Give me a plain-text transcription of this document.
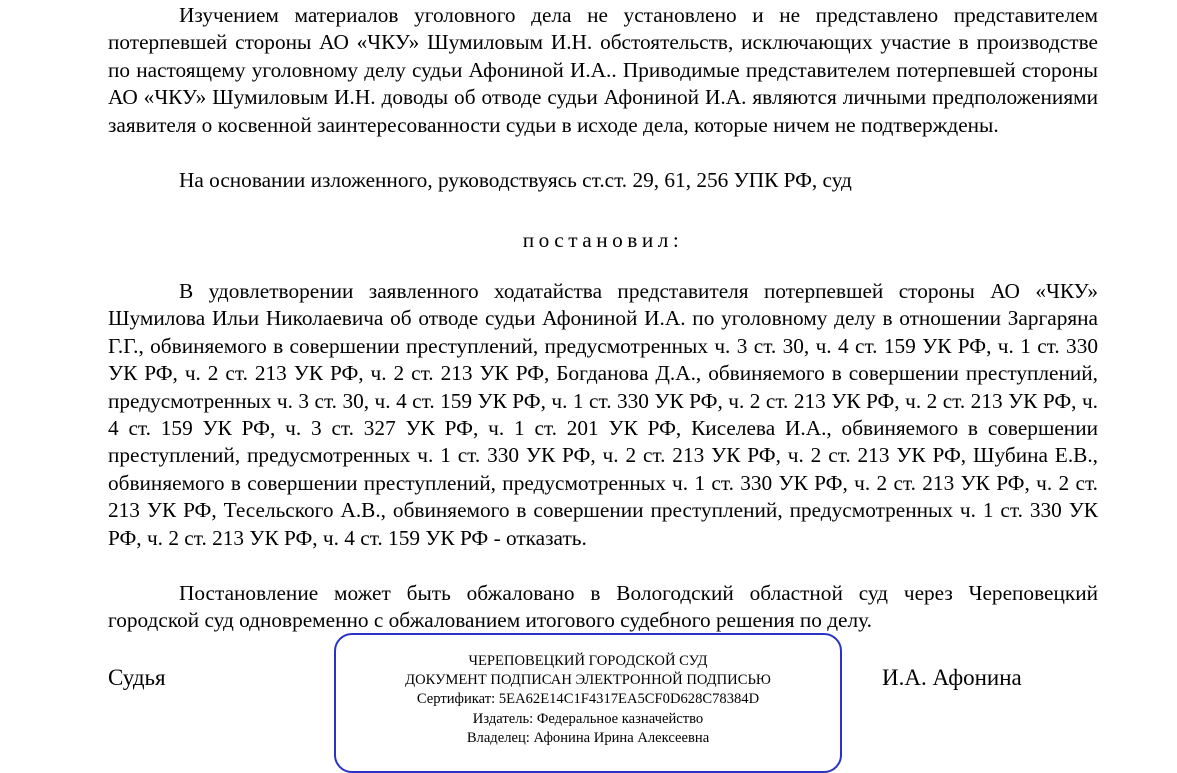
Изучением материалов уголовного дела не установлено и не представлено представителем потерпевшей стороны АО «ЧКУ» Шумиловым И.Н. обстоятельств, исключающих участие в производстве по настоящему уголовному делу судьи Афониной И.А.. Приводимые представителем потерпевшей стороны АО «ЧКУ» Шумиловым И.Н. доводы об отводе судьи Афониной И.А. являются личными предположениями заявителя о косвенной заинтересованности судьи в исходе дела, которые ничем не подтверждены.

На основании изложенного, руководствуясь ст.ст. 29, 61, 256 УПК РФ, суд

постановил:

В удовлетворении заявленного ходатайства представителя потерпевшей стороны АО «ЧКУ» Шумилова Ильи Николаевича об отводе судьи Афониной И.А. по уголовному делу в отношении Заргаряна Г.Г., обвиняемого в совершении преступлений, предусмотренных ч. 3 ст. 30, ч. 4 ст. 159 УК РФ, ч. 1 ст. 330 УК РФ, ч. 2 ст. 213 УК РФ, ч. 2 ст. 213 УК РФ, Богданова Д.А., обвиняемого в совершении преступлений, предусмотренных ч. 3 ст. 30, ч. 4 ст. 159 УК РФ, ч. 1 ст. 330 УК РФ, ч. 2 ст. 213 УК РФ, ч. 2 ст. 213 УК РФ, ч. 4 ст. 159 УК РФ, ч. 3 ст. 327 УК РФ, ч. 1 ст. 201 УК РФ, Киселева И.А., обвиняемого в совершении преступлений, предусмотренных ч. 1 ст. 330 УК РФ, ч. 2 ст. 213 УК РФ, ч. 2 ст. 213 УК РФ, Шубина Е.В., обвиняемого в совершении преступлений, предусмотренных ч. 1 ст. 330 УК РФ, ч. 2 ст. 213 УК РФ, ч. 2 ст. 213 УК РФ, Тесельского А.В., обвиняемого в совершении преступлений, предусмотренных ч. 1 ст. 330 УК РФ, ч. 2 ст. 213 УК РФ, ч. 4 ст. 159 УК РФ - отказать.

Постановление может быть обжаловано в Вологодский областной суд через Череповецкий городской суд одновременно с обжалованием итогового судебного решения по делу.

Судья

ЧЕРЕПОВЕЦКИЙ ГОРОДСКОЙ СУД

ДОКУМЕНТ ПОДПИСАН ЭЛЕКТРОННОЙ ПОДПИСЬЮ

Сертификат: 5EA62E14C1F4317EA5CF0D628C78384D

Издатель: Федеральное казначейство

Владелец: Афонина Ирина Алексеевна

И.А. Афонина
